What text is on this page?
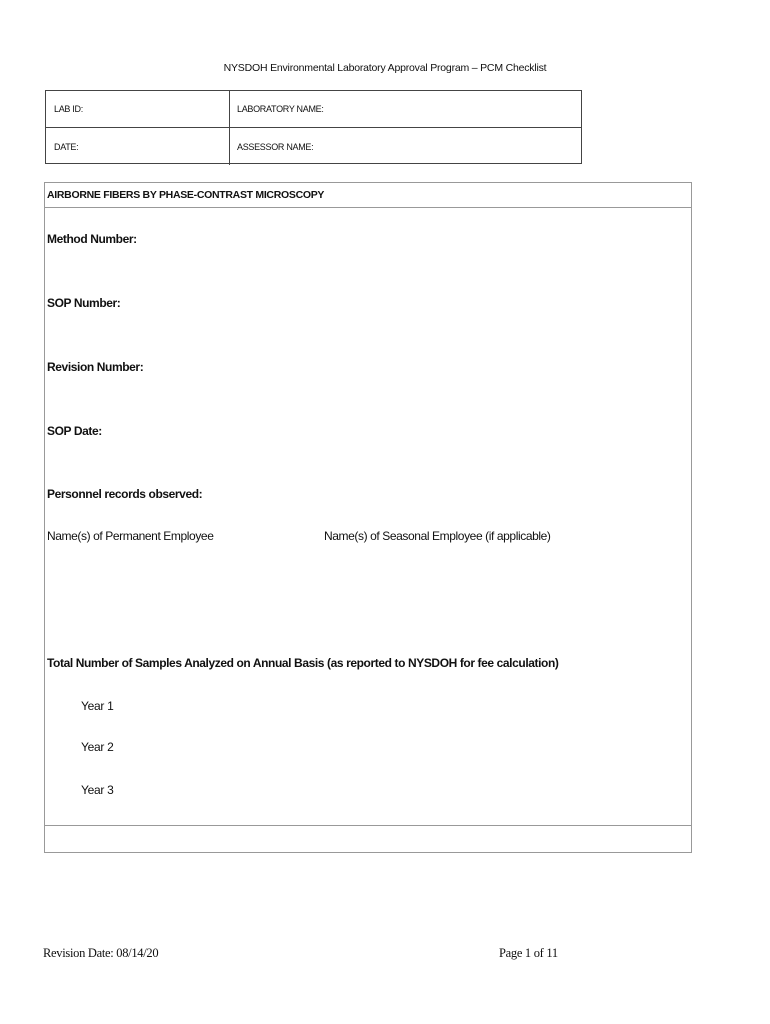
NYSDOH Environmental Laboratory Approval Program – PCM Checklist
LAB ID:	LABORATORY NAME:
DATE:	ASSESSOR NAME:
AIRBORNE FIBERS BY PHASE-CONTRAST MICROSCOPY
Method Number:
SOP Number:
Revision Number:
SOP Date:
Personnel records observed:
Name(s) of Permanent Employee	Name(s) of Seasonal Employee (if applicable)
Total Number of Samples Analyzed on Annual Basis (as reported to NYSDOH for fee calculation)
Year 1
Year 2
Year 3
Revision Date: 08/14/20	Page 1 of 11
